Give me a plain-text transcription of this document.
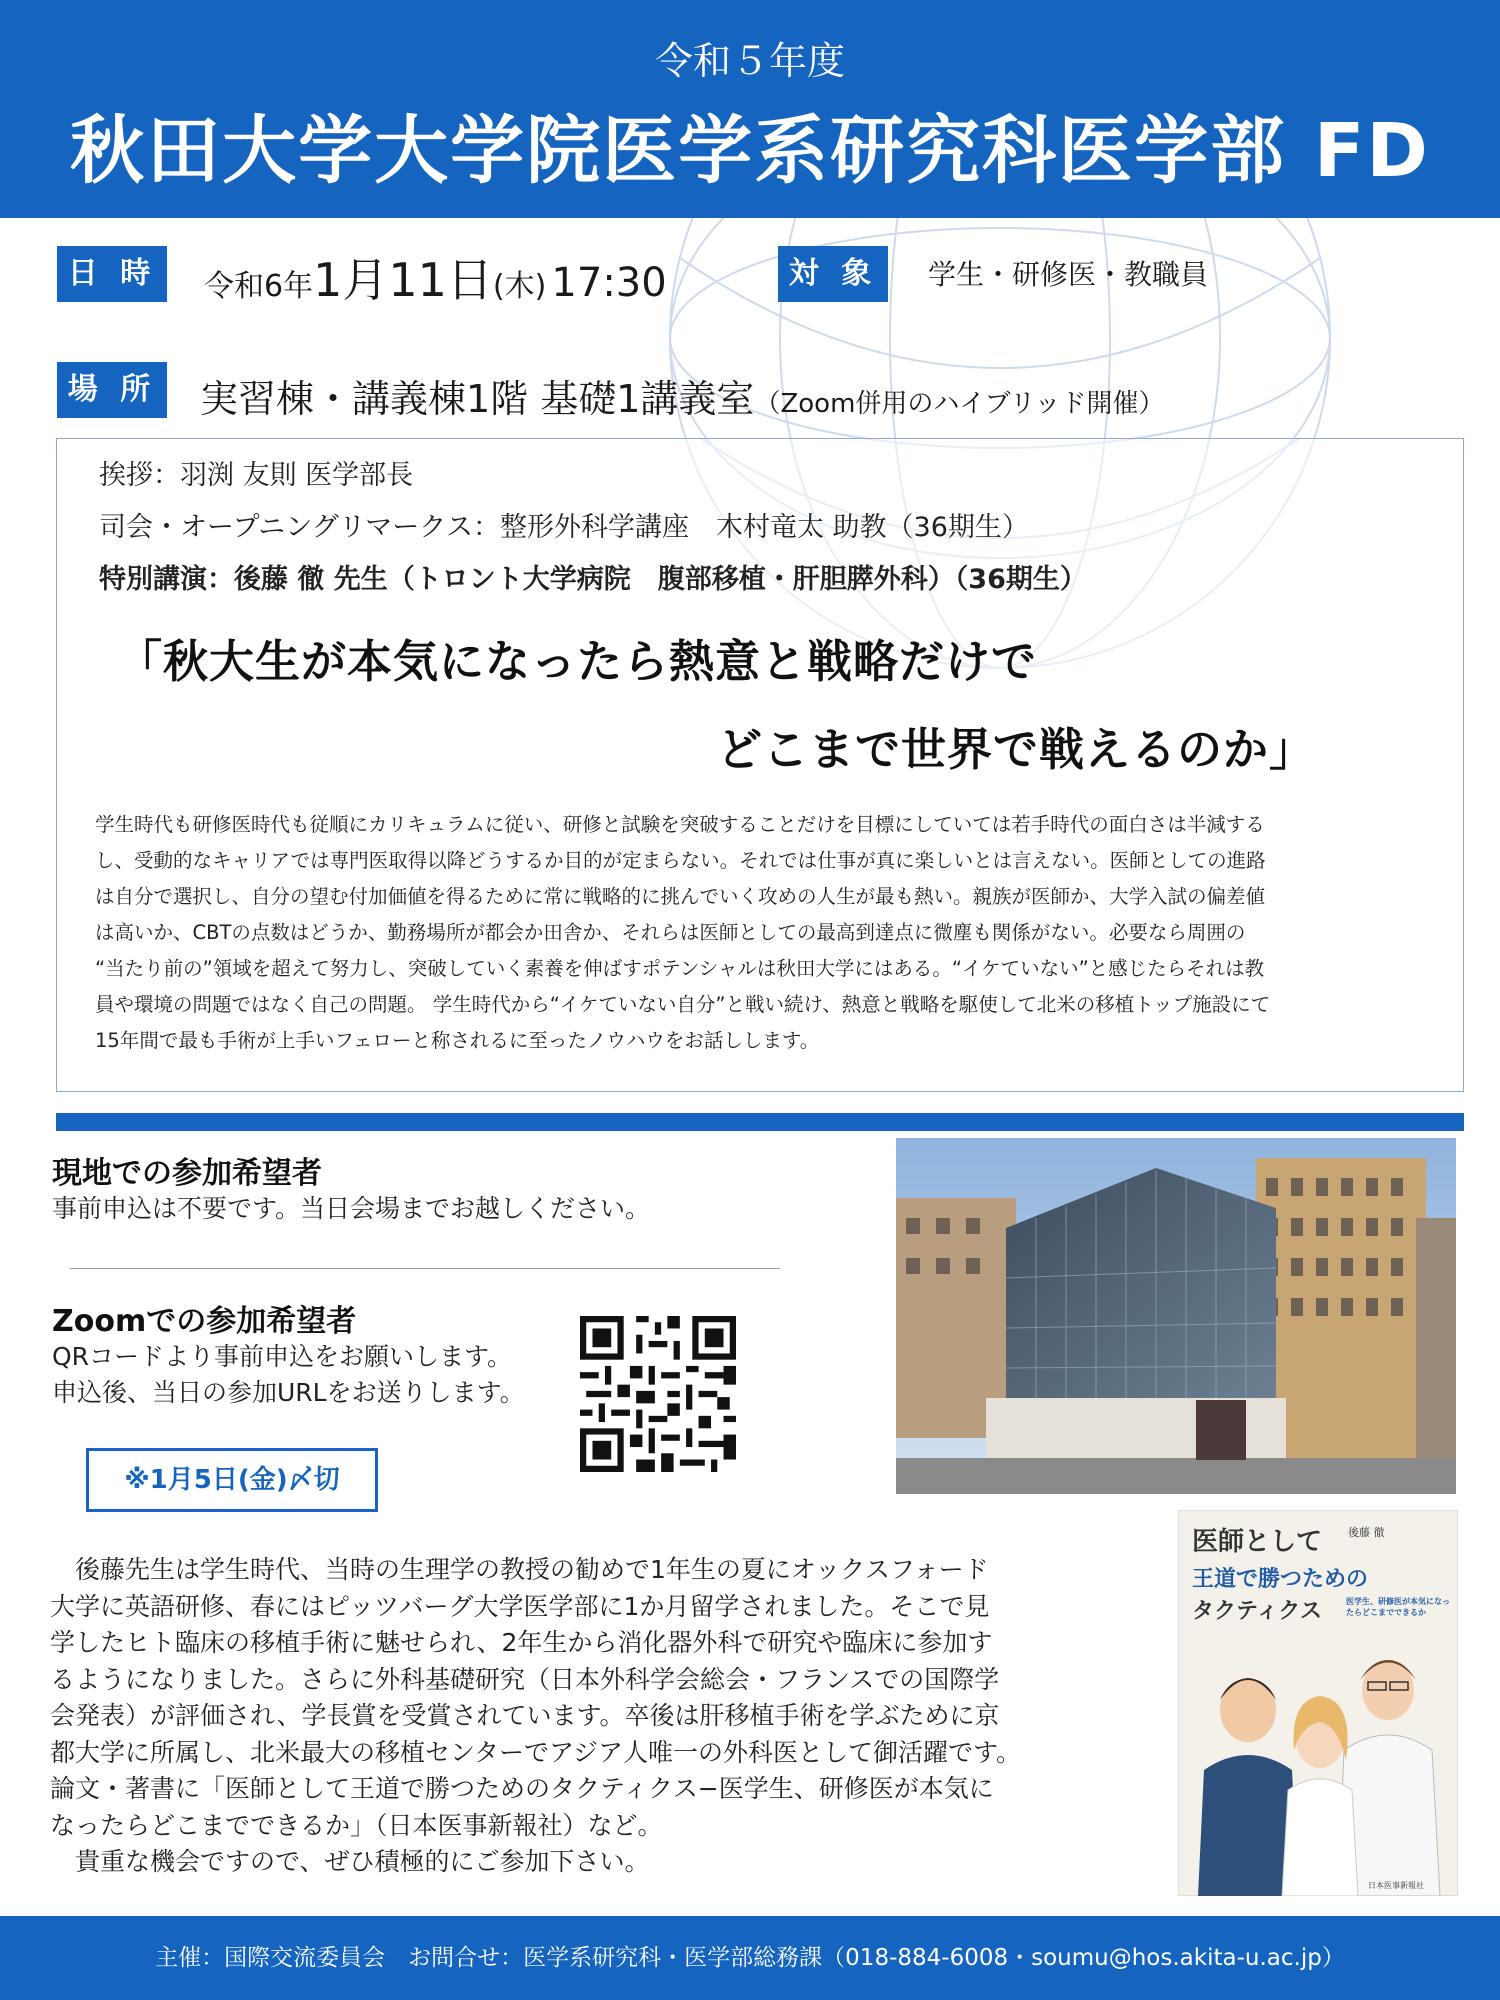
令和５年度
秋田大学大学院医学系研究科医学部 FD
日 時	令和6年1月11日(木) 17:30	対 象	学生・研修医・教職員
場 所 実習棟・講義棟1階 基礎1講義室（Zoom併用のハイブリッド開催）
挨拶：羽渕 友則 医学部長
司会・オープニングリマークス：整形外科学講座　木村竜太 助教（36期生）
特別講演：後藤 徹 先生（トロント大学病院　腹部移植・肝胆膵外科）（36期生）
「秋大生が本気になったら熱意と戦略だけで
どこまで世界で戦えるのか」
学生時代も研修医時代も従順にカリキュラムに従い、研修と試験を突破することだけを目標にしていては若手時代の面白さは半減する
し、受動的なキャリアでは専門医取得以降どうするか目的が定まらない。それでは仕事が真に楽しいとは言えない。医師としての進路
は自分で選択し、自分の望む付加価値を得るために常に戦略的に挑んでいく攻めの人生が最も熱い。親族が医師か、大学入試の偏差値
は高いか、CBTの点数はどうか、勤務場所が都会か田舎か、それらは医師としての最高到達点に微塵も関係がない。必要なら周囲の
“当たり前の”領域を超えて努力し、突破していく素養を伸ばすポテンシャルは秋田大学にはある。“イケていない”と感じたらそれは教
員や環境の問題ではなく自己の問題。 学生時代から“イケていない自分”と戦い続け、熱意と戦略を駆使して北米の移植トップ施設にて
15年間で最も手術が上手いフェローと称されるに至ったノウハウをお話しします。
現地での参加希望者
事前申込は不要です。当日会場までお越しください。
Zoomでの参加希望者
QRコードより事前申込をお願いします。
申込後、当日の参加URLをお送りします。
※1月5日(金)〆切
医師として
王道で勝つための
タクティクス
後藤 徹
医学生、研修医が本気になったらどこまでできるか
日本医事新報社
　後藤先生は学生時代、当時の生理学の教授の勧めで1年生の夏にオックスフォード
大学に英語研修、春にはピッツバーグ大学医学部に1か月留学されました。そこで見
学したヒト臨床の移植手術に魅せられ、2年生から消化器外科で研究や臨床に参加す
るようになりました。さらに外科基礎研究（日本外科学会総会・フランスでの国際学
会発表）が評価され、学長賞を受賞されています。卒後は肝移植手術を学ぶために京
都大学に所属し、北米最大の移植センターでアジア人唯一の外科医として御活躍です。
論文・著書に「医師として王道で勝つためのタクティクス−医学生、研修医が本気に
なったらどこまでできるか」（日本医事新報社）など。
　貴重な機会ですので、ぜひ積極的にご参加下さい。
主催：国際交流委員会　お問合せ：医学系研究科・医学部総務課（018-884-6008・soumu@hos.akita-u.ac.jp）
